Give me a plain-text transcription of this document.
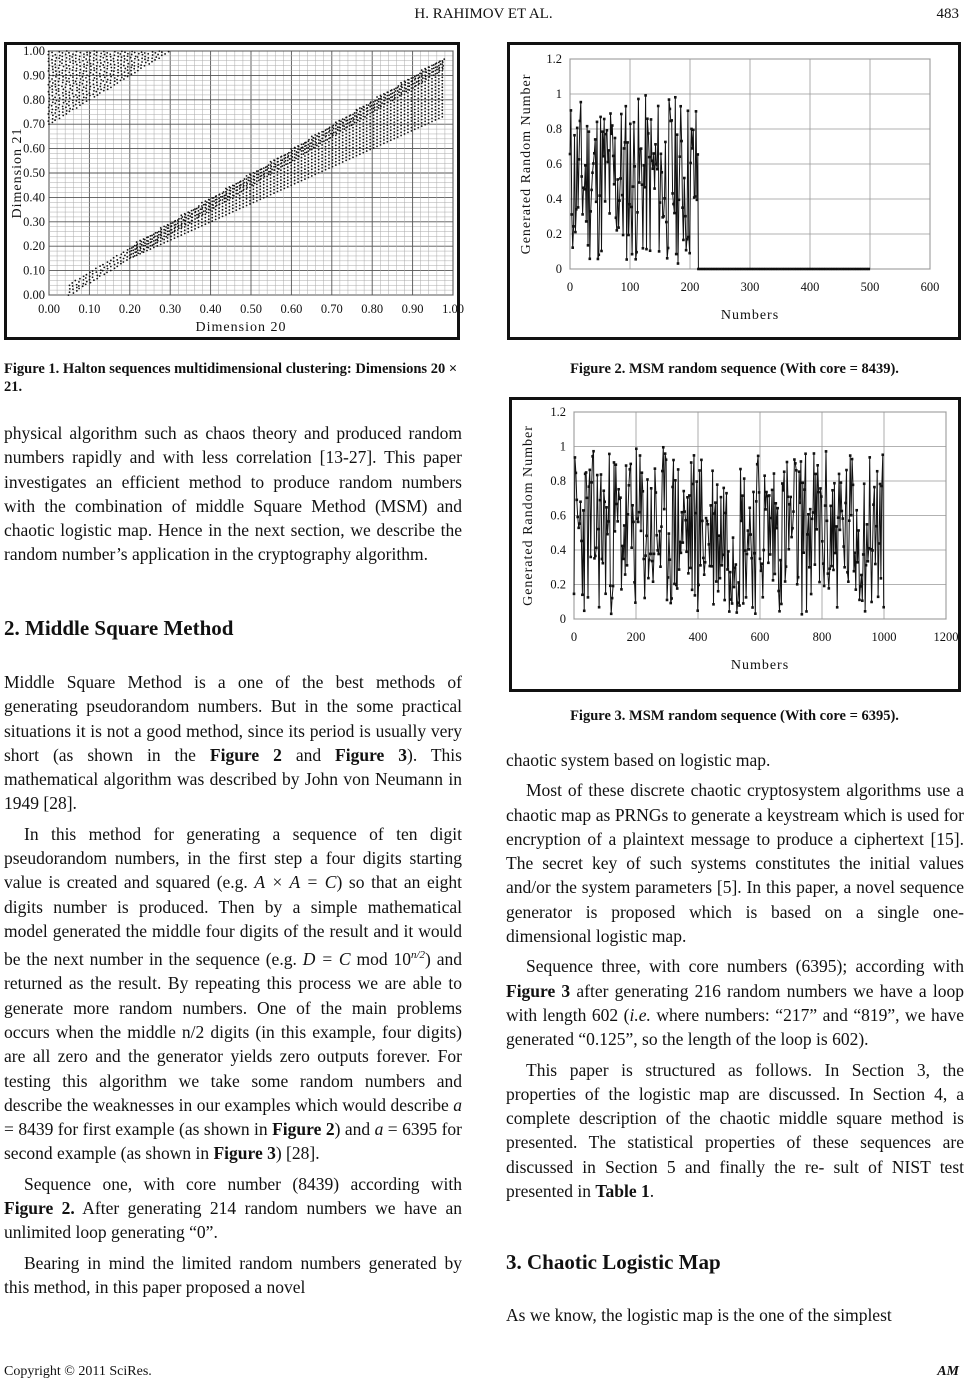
H. RAHIMOV ET AL.	483
0.00 0.10 0.20 0.30 0.40 0.50 0.60 0.70 0.80 0.90 1.00
0.00
0.10
0.20
0.30
0.40
0.50
0.60
0.70
0.80
0.90
1.00
Dimension 20
Dimension 21
Figure 1. Halton sequences multidimensional clustering: Dimensions 20 × 21.
0
0.2
0.4
0.6
0.8
1
1.2
0	100	200	300	400	500	600
Numbers
Generated Random Number
Figure 2. MSM random sequence (With core = 8439).
0
0.2
0.4
0.6
0.8
1
1.2
0	200	400	600	800	1000	1200
Numbers
Generated Random Number
Figure 3. MSM random sequence (With core = 6395).

physical algorithm such as chaos theory and produced random numbers rapidly and with less correlation [13-27]. This paper investigates an efficient method to produce random numbers with the combination of middle Square Method (MSM) and chaotic logistic map. Hence in the next section, we describe the random number’s application in the cryptography algorithm.

2. Middle Square Method

Middle Square Method is a one of the best methods of generating pseudorandom numbers. But in the some practical situations it is not a good method, since its period is usually very short (as shown in the Figure 2 and Figure 3). This mathematical algorithm was described by John von Neumann in 1949 [28].

In this method for generating a sequence of ten digit pseudorandom numbers, in the first step a four digits starting value is created and squared (e.g. A × A = C) so that an eight digits number is produced. Then by a simple mathematical model generated the middle four digits of the result and it would be the next number in the sequence (e.g. D = C mod $10^{n/2}$) and returned as the result. By repeating this process we are able to generate more random numbers. One of the main problems occurs when the middle n/2 digits (in this example, four digits) are all zero and the generator yields zero outputs forever. For testing this algorithm we take some random numbers and describe the weaknesses in our examples which would describe a = 8439 for first example (as shown in Figure 2) and a = 6395 for second example (as shown in Figure 3) [28].

Sequence one, with core number (8439) according with Figure 2. After generating 214 random numbers we have an unlimited loop generating “0”.

Bearing in mind the limited random numbers generated by this method, in this paper proposed a novel

chaotic system based on logistic map.

Most of these discrete chaotic cryptosystem algorithms use a chaotic map as PRNGs to generate a keystream which is used for encryption of a plaintext message to produce a ciphertext [15]. The secret key of such systems constitutes the initial values and/or the system parameters [5]. In this paper, a novel sequence generator is proposed which is based on a single one-dimensional logistic map.

Sequence three, with core numbers (6395); according with Figure 3 after generating 216 random numbers we have a loop with length 602 (i.e. where numbers: “217” and “819”, we have generated “0.125”, so the length of the loop is 602).

This paper is structured as follows. In Section 3, the properties of the logistic map are discussed. In Section 4, a complete description of the chaotic middle square method is presented. The statistical properties of these sequences are discussed in Section 5 and finally the re- sult of NIST test presented in Table 1.

3. Chaotic Logistic Map

As we know, the logistic map is the one of the simplest

Copyright © 2011 SciRes.	AM
